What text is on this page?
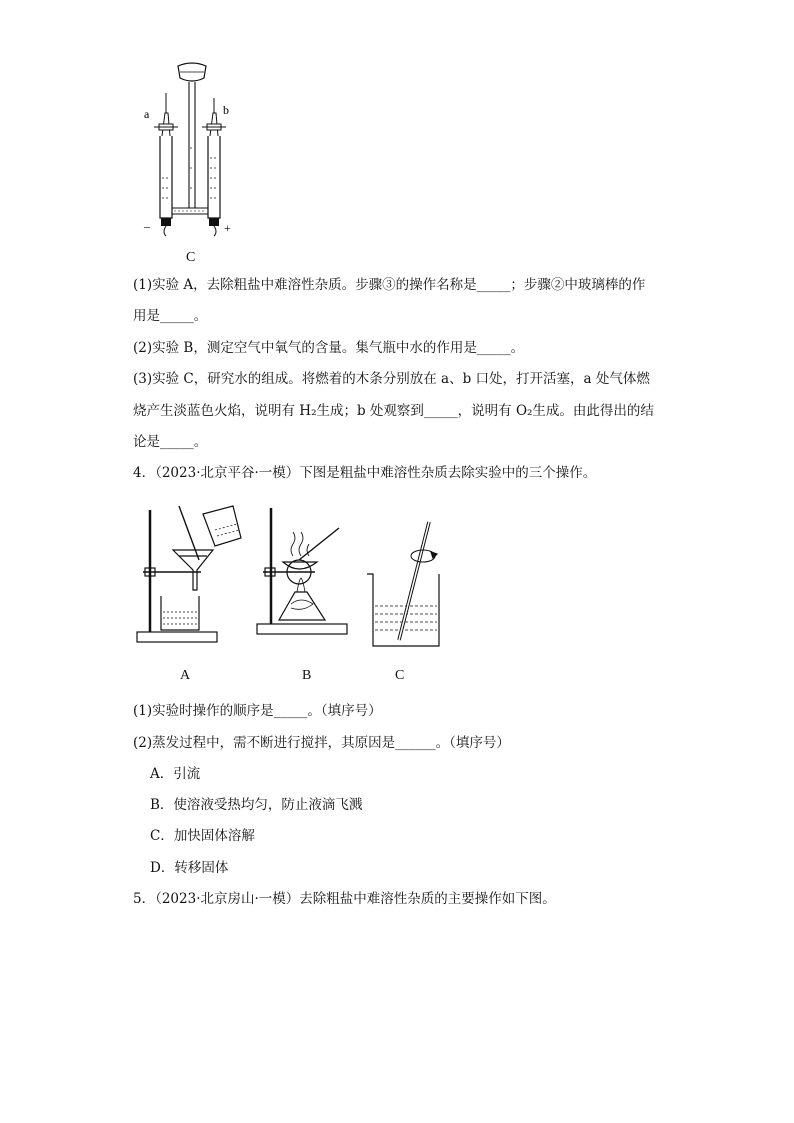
a	b
–	+
C
(1)实验 A，去除粗盐中难溶性杂质。步骤③的操作名称是_____；步骤②中玻璃棒的作
用是_____。
(2)实验 B，测定空气中氧气的含量。集气瓶中水的作用是_____。
(3)实验 C，研究水的组成。将燃着的木条分别放在 a、b 口处，打开活塞，a 处气体燃
烧产生淡蓝色火焰，说明有 H₂生成；b 处观察到_____，说明有 O₂生成。由此得出的结
论是_____。
4．（2023·北京平谷·一模）下图是粗盐中难溶性杂质去除实验中的三个操作。
A	B	C
(1)实验时操作的顺序是_____。（填序号）
(2)蒸发过程中，需不断进行搅拌，其原因是______。（填序号）
A．引流
B．使溶液受热均匀，防止液滴飞溅
C．加快固体溶解
D．转移固体
5．（2023·北京房山·一模）去除粗盐中难溶性杂质的主要操作如下图。
